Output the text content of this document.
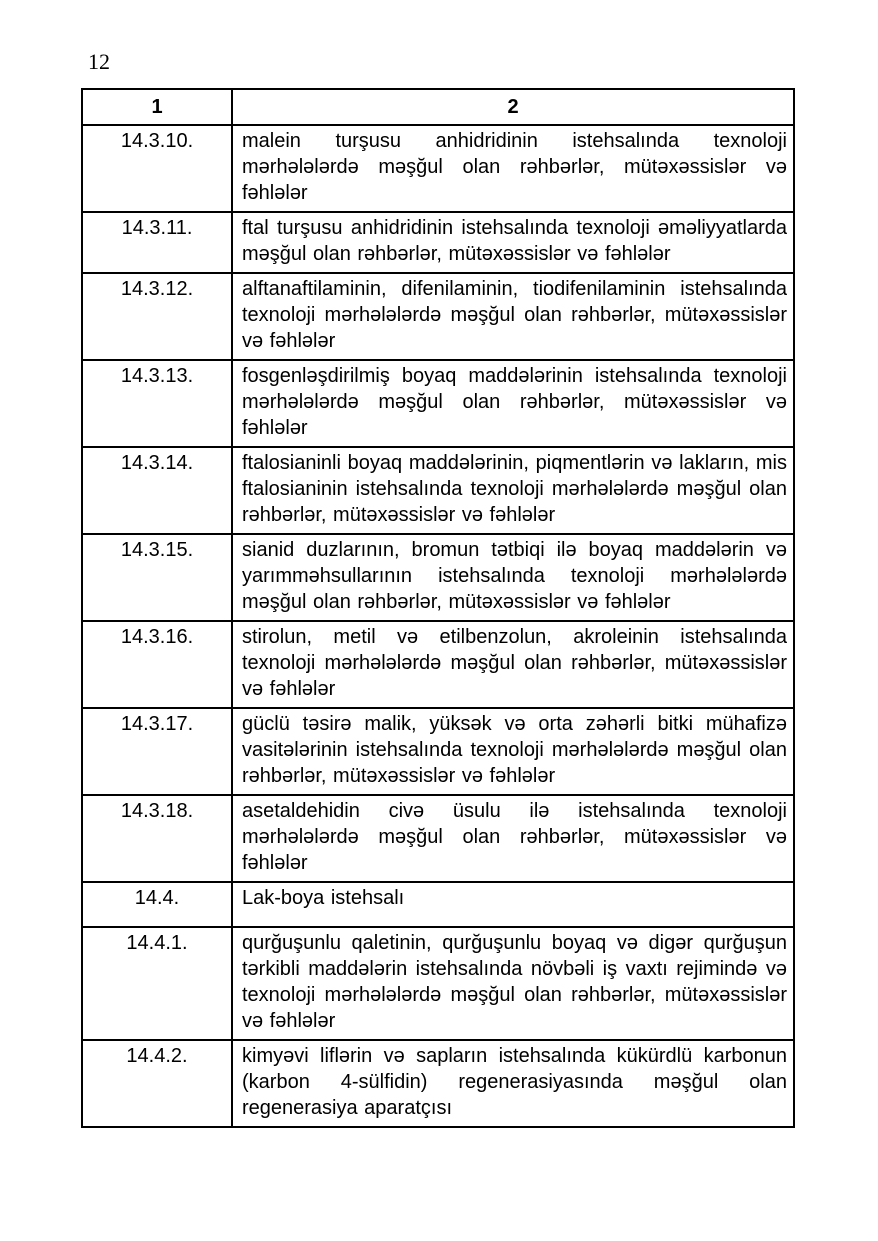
12
1	2
14.3.10.	malein turşusu anhidridinin istehsalında texnoloji mərhələlərdə məşğul olan rəhbərlər, mütəxəssislər və fəhlələr
14.3.11.	ftal turşusu anhidridinin istehsalında texnoloji əməliyyatlarda məşğul olan rəhbərlər, mütəxəssislər və fəhlələr
14.3.12.	alftanaftilaminin, difenilaminin, tiodifenilaminin istehsalında texnoloji mərhələlərdə məşğul olan rəhbərlər, mütəxəssislər və fəhlələr
14.3.13.	fosgenləşdirilmiş boyaq maddələrinin istehsalında texnoloji mərhələlərdə məşğul olan rəhbərlər, mütəxəssislər və fəhlələr
14.3.14.	ftalosianinli boyaq maddələrinin, piqmentlərin və lakların, mis ftalosianinin istehsalında texnoloji mərhələlərdə məşğul olan rəhbərlər, mütəxəssislər və fəhlələr
14.3.15.	sianid duzlarının, bromun tətbiqi ilə boyaq maddələrin və yarımməhsullarının istehsalında texnoloji mərhələlərdə məşğul olan rəhbərlər, mütəxəssislər və fəhlələr
14.3.16.	stirolun, metil və etilbenzolun, akroleinin istehsalında texnoloji mərhələlərdə məşğul olan rəhbərlər, mütəxəssislər və fəhlələr
14.3.17.	güclü təsirə malik, yüksək və orta zəhərli bitki mühafizə vasitələrinin istehsalında texnoloji mərhələlərdə məşğul olan rəhbərlər, mütəxəssislər və fəhlələr
14.3.18.	asetaldehidin civə üsulu ilə istehsalında texnoloji mərhələlərdə məşğul olan rəhbərlər, mütəxəssislər və fəhlələr
14.4.	Lak-boya istehsalı
14.4.1.	qurğuşunlu qaletinin, qurğuşunlu boyaq və digər qurğuşun tərkibli maddələrin istehsalında növbəli iş vaxtı rejimində və texnoloji mərhələlərdə məşğul olan rəhbərlər, mütəxəssislər və fəhlələr
14.4.2.	kimyəvi liflərin və sapların istehsalında kükürdlü karbonun (karbon 4-sülfidin) regenerasiyasında məşğul olan regenerasiya aparatçısı
